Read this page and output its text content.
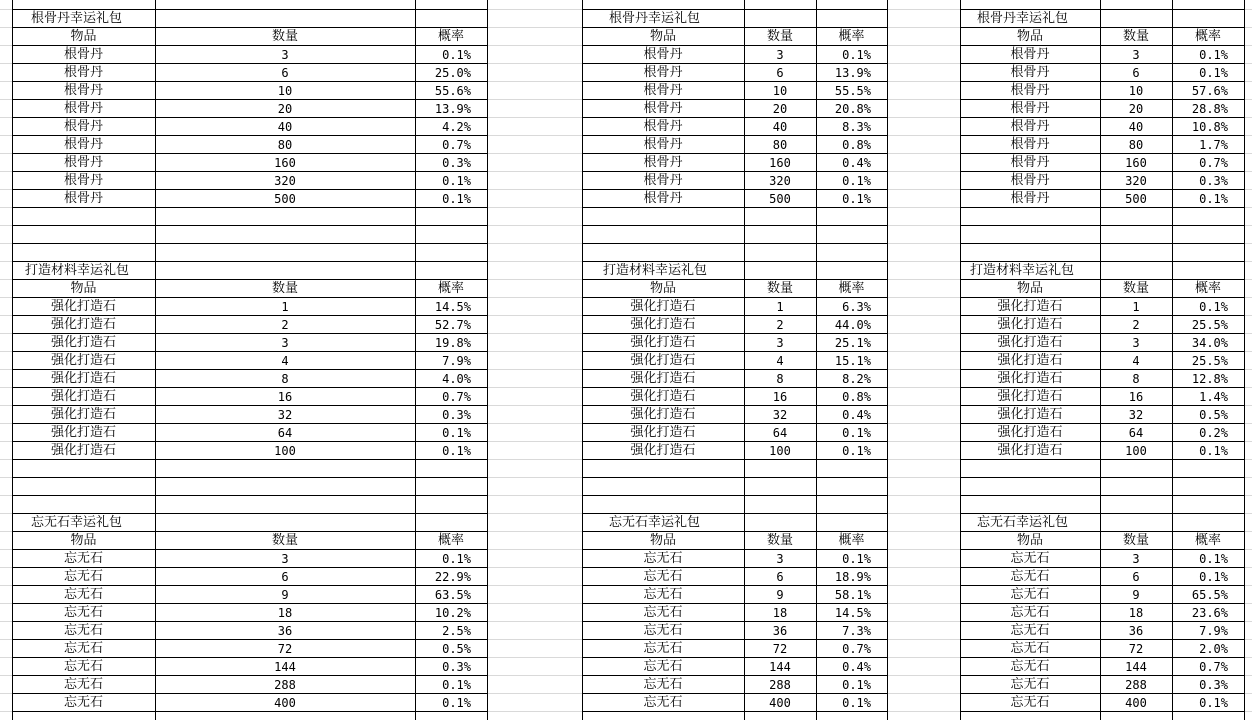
根骨丹幸运礼包
物品	数量	概率
根骨丹	3	0.1%
根骨丹	6	25.0%
根骨丹	10	55.6%
根骨丹	20	13.9%
根骨丹	40	4.2%
根骨丹	80	0.7%
根骨丹	160	0.3%
根骨丹	320	0.1%
根骨丹	500	0.1%
根骨丹幸运礼包
物品	数量	概率
根骨丹	3	0.1%
根骨丹	6	13.9%
根骨丹	10	55.5%
根骨丹	20	20.8%
根骨丹	40	8.3%
根骨丹	80	0.8%
根骨丹	160	0.4%
根骨丹	320	0.1%
根骨丹	500	0.1%
根骨丹幸运礼包
物品	数量	概率
根骨丹	3	0.1%
根骨丹	6	0.1%
根骨丹	10	57.6%
根骨丹	20	28.8%
根骨丹	40	10.8%
根骨丹	80	1.7%
根骨丹	160	0.7%
根骨丹	320	0.3%
根骨丹	500	0.1%
打造材料幸运礼包
物品	数量	概率
强化打造石	1	14.5%
强化打造石	2	52.7%
强化打造石	3	19.8%
强化打造石	4	7.9%
强化打造石	8	4.0%
强化打造石	16	0.7%
强化打造石	32	0.3%
强化打造石	64	0.1%
强化打造石	100	0.1%
打造材料幸运礼包
物品	数量	概率
强化打造石	1	6.3%
强化打造石	2	44.0%
强化打造石	3	25.1%
强化打造石	4	15.1%
强化打造石	8	8.2%
强化打造石	16	0.8%
强化打造石	32	0.4%
强化打造石	64	0.1%
强化打造石	100	0.1%
打造材料幸运礼包
物品	数量	概率
强化打造石	1	0.1%
强化打造石	2	25.5%
强化打造石	3	34.0%
强化打造石	4	25.5%
强化打造石	8	12.8%
强化打造石	16	1.4%
强化打造石	32	0.5%
强化打造石	64	0.2%
强化打造石	100	0.1%
忘无石幸运礼包
物品	数量	概率
忘无石	3	0.1%
忘无石	6	22.9%
忘无石	9	63.5%
忘无石	18	10.2%
忘无石	36	2.5%
忘无石	72	0.5%
忘无石	144	0.3%
忘无石	288	0.1%
忘无石	400	0.1%
忘无石幸运礼包
物品	数量	概率
忘无石	3	0.1%
忘无石	6	18.9%
忘无石	9	58.1%
忘无石	18	14.5%
忘无石	36	7.3%
忘无石	72	0.7%
忘无石	144	0.4%
忘无石	288	0.1%
忘无石	400	0.1%
忘无石幸运礼包
物品	数量	概率
忘无石	3	0.1%
忘无石	6	0.1%
忘无石	9	65.5%
忘无石	18	23.6%
忘无石	36	7.9%
忘无石	72	2.0%
忘无石	144	0.7%
忘无石	288	0.3%
忘无石	400	0.1%
